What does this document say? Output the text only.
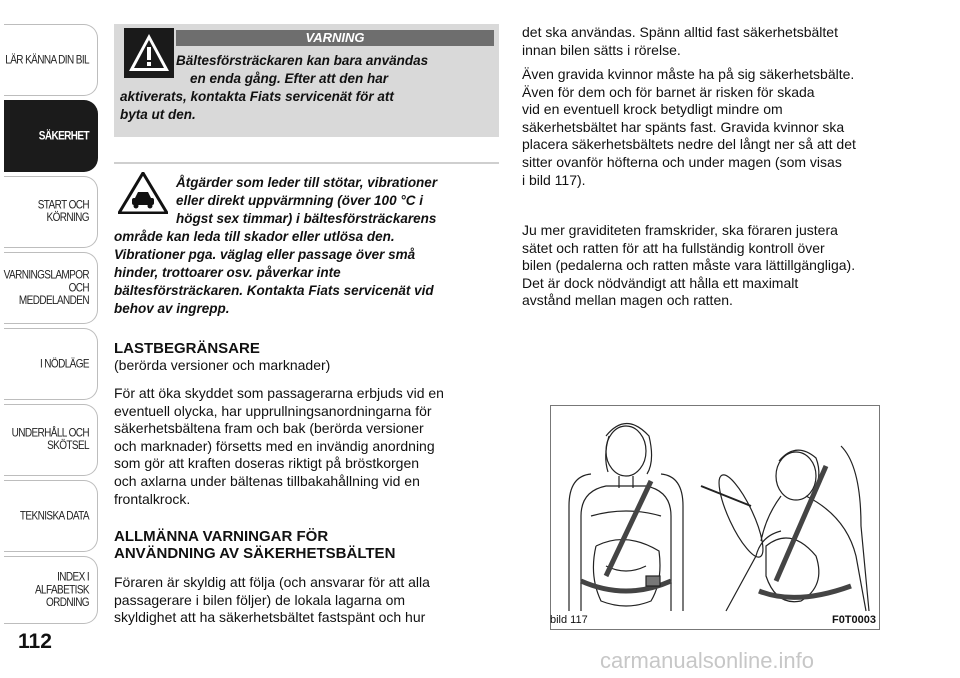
LÄR KÄNNA DIN BIL
SÄKERHET
START OCH
KÖRNING
VARNINGSLAMPOR
OCH
MEDDELANDEN
I NÖDLÄGE
UNDERHÅLL OCH
SKÖTSEL
TEKNISKA DATA
INDEX I ALFABETISK
ORDNING
112
VARNING
Bältesförsträckaren kan bara användas
en enda gång. Efter att den har
aktiverats, kontakta Fiats servicenät för att
byta ut den.
Åtgärder som leder till stötar, vibrationer
eller direkt uppvärmning (över 100 °C i
högst sex timmar) i bältesförsträckarens
område kan leda till skador eller utlösa den.
Vibrationer pga. väglag eller passage över små
hinder, trottoarer osv. påverkar inte
bältesförsträckaren. Kontakta Fiats servicenät vid
behov av ingrepp.
LASTBEGRÄNSARE
(berörda versioner och marknader)
För att öka skyddet som passagerarna erbjuds vid en
eventuell olycka, har upprullningsanordningarna för
säkerhetsbältena fram och bak (berörda versioner
och marknader) försetts med en invändig anordning
som gör att kraften doseras riktigt på bröstkorgen
och axlarna under bältenas tillbakahållning vid en
frontalkrock.
ALLMÄNNA VARNINGAR FÖR
ANVÄNDNING AV SÄKERHETSBÄLTEN
Föraren är skyldig att följa (och ansvarar för att alla
passagerare i bilen följer) de lokala lagarna om
skyldighet att ha säkerhetsbältet fastspänt och hur
det ska användas. Spänn alltid fast säkerhetsbältet
innan bilen sätts i rörelse.
Även gravida kvinnor måste ha på sig säkerhetsbälte.
Även för dem och för barnet är risken för skada
vid en eventuell krock betydligt mindre om
säkerhetsbältet har spänts fast. Gravida kvinnor ska
placera säkerhetsbältets nedre del långt ner så att det
sitter ovanför höfterna och under magen (som visas
i bild 117).
Ju mer graviditeten framskrider, ska föraren justera
sätet och ratten för att ha fullständig kontroll över
bilen (pedalerna och ratten måste vara lättillgängliga).
Det är dock nödvändigt att hålla ett maximalt
avstånd mellan magen och ratten.
bild 117	F0T0003
carmanualsonline.info
